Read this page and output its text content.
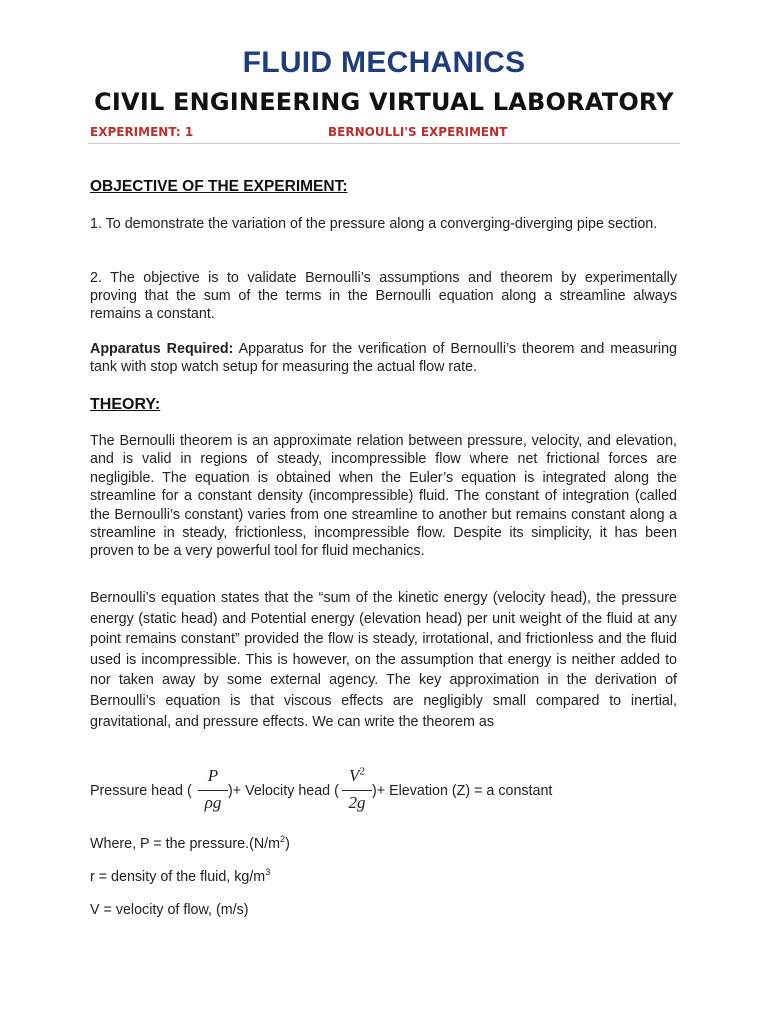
FLUID MECHANICS
CIVIL ENGINEERING VIRTUAL LABORATORY
EXPERIMENT: 1	BERNOULLI'S EXPERIMENT
OBJECTIVE OF THE EXPERIMENT:

1. To demonstrate the variation of the pressure along a converging-diverging pipe section.

2. The objective is to validate Bernoulli’s assumptions and theorem by experimentally proving that the sum of the terms in the Bernoulli equation along a streamline always remains a constant.

Apparatus Required: Apparatus for the verification of Bernoulli’s theorem and measuring tank with stop watch setup for measuring the actual flow rate.

THEORY:

The Bernoulli theorem is an approximate relation between pressure, velocity, and elevation, and is valid in regions of steady, incompressible flow where net frictional forces are negligible. The equation is obtained when the Euler’s equation is integrated along the streamline for a constant density (incompressible) fluid. The constant of integration (called the Bernoulli’s constant) varies from one streamline to another but remains constant along a streamline in steady, frictionless, incompressible flow. Despite its simplicity, it has been proven to be a very powerful tool for fluid mechanics.

Bernoulli’s equation states that the “sum of the kinetic energy (velocity head), the pressure energy (static head) and Potential energy (elevation head) per unit weight of the fluid at any point remains constant” provided the flow is steady, irrotational, and frictionless and the fluid used is incompressible. This is however, on the assumption that energy is neither added to nor taken away by some external agency. The key approximation in the derivation of Bernoulli’s equation is that viscous effects are negligibly small compared to inertial, gravitational, and pressure effects. We can write the theorem as

Pressure head (
P
ρg
)+ Velocity head (
$V^2$
2g
)+ Elevation (Z) = a constant
Where, P = the $pressure.(N/m^2)$
r = density of the fluid, $kg/m^3$
V = velocity of flow, (m/s)
